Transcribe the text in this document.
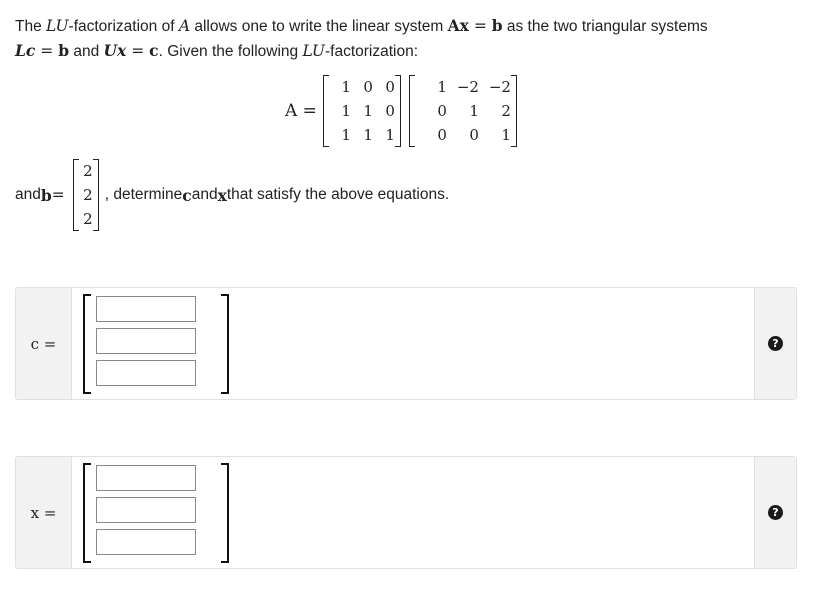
The LU-factorization of A allows one to write the linear system Ax = b as the two triangular systems

Lc = b and Ux = c. Given the following LU-factorization:

A =
1 0 0
1 1 0
1 1 1
1 −2 −2
0	1	2
0	0	1
and b =
2
2
2
, determine c and x that satisfy the above equations.
c =	?
x =	?
